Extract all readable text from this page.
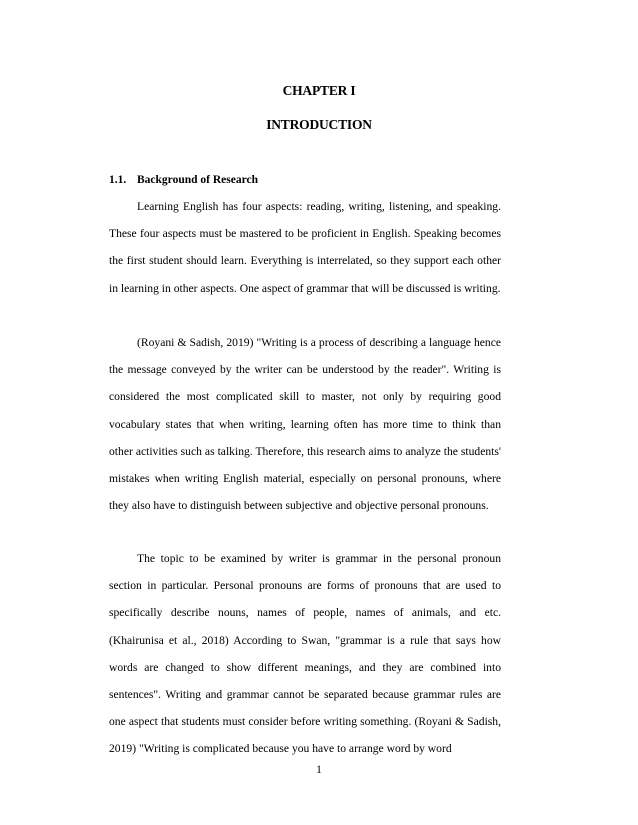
CHAPTER I
INTRODUCTION
1.1. Background of Research

Learning English has four aspects: reading, writing, listening, and speaking. These four aspects must be mastered to be proficient in English. Speaking becomes the first student should learn. Everything is interrelated, so they support each other in learning in other aspects. One aspect of grammar that will be discussed is writing.

(Royani & Sadish, 2019) "Writing is a process of describing a language hence the message conveyed by the writer can be understood by the reader". Writing is considered the most complicated skill to master, not only by requiring good vocabulary states that when writing, learning often has more time to think than other activities such as talking. Therefore, this research aims to analyze the students' mistakes when writing English material, especially on personal pronouns, where they also have to distinguish between subjective and objective personal pronouns.

The topic to be examined by writer is grammar in the personal pronoun section in particular. Personal pronouns are forms of pronouns that are used to specifically describe nouns, names of people, names of animals, and etc. (Khairunisa et al., 2018) According to Swan, "grammar is a rule that says how words are changed to show different meanings, and they are combined into sentences". Writing and grammar cannot be separated because grammar rules are one aspect that students must consider before writing something. (Royani & Sadish, 2019) "Writing is complicated because you have to arrange word by word

1
